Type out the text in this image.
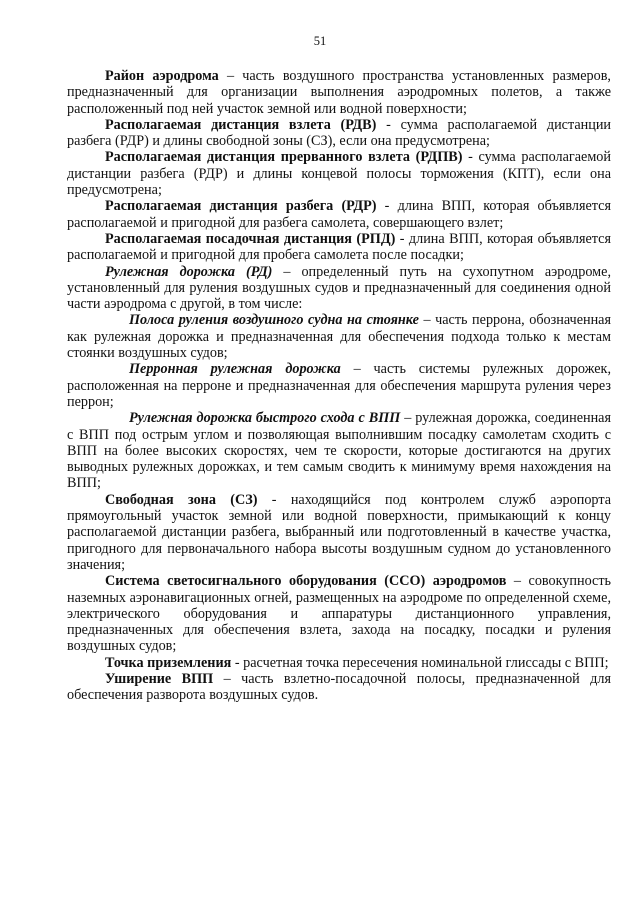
51

Район аэродрома – часть воздушного пространства установленных размеров, предназначенный для организации выполнения аэродромных полетов, а также расположенный под ней участок земной или водной поверхности;

Располагаемая дистанция взлета (РДВ) - сумма располагаемой дистанции разбега (РДР) и длины свободной зоны (СЗ), если она предусмотрена;

Располагаемая дистанция прерванного взлета (РДПВ) - сумма располагаемой дистанции разбега (РДР) и длины концевой полосы торможения (КПТ), если она предусмотрена;

Располагаемая дистанция разбега (РДР) - длина ВПП, которая объявляется располагаемой и пригодной для разбега самолета, совершающего взлет;

Располагаемая посадочная дистанция (РПД) - длина ВПП, которая объявляется располагаемой и пригодной для пробега самолета после посадки;

Рулежная дорожка (РД) – определенный путь на сухопутном аэродроме, установленный для руления воздушных судов и предназначенный для соединения одной части аэродрома с другой, в том числе:

Полоса руления воздушного судна на стоянке – часть перрона, обозначенная как рулежная дорожка и предназначенная для обеспечения подхода только к местам стоянки воздушных судов;

Перронная рулежная дорожка – часть системы рулежных дорожек, расположенная на перроне и предназначенная для обеспечения маршрута руления через перрон;

Рулежная дорожка быстрого схода с ВПП – рулежная дорожка, соединенная с ВПП под острым углом и позволяющая выполнившим посадку самолетам сходить с ВПП на более высоких скоростях, чем те скорости, которые достигаются на других выводных рулежных дорожках, и тем самым сводить к минимуму время нахождения на ВПП;

Свободная зона (СЗ) - находящийся под контролем служб аэропорта прямоугольный участок земной или водной поверхности, примыкающий к концу располагаемой дистанции разбега, выбранный или подготовленный в качестве участка, пригодного для первоначального набора высоты воздушным судном до установленного значения;

Система светосигнального оборудования (ССО) аэродромов – совокупность наземных аэронавигационных огней, размещенных на аэродроме по определенной схеме, электрического оборудования и аппаратуры дистанционного управления, предназначенных для обеспечения взлета, захода на посадку, посадки и руления воздушных судов;

Точка приземления - расчетная точка пересечения номинальной глиссады с ВПП;

Уширение ВПП – часть взлетно-посадочной полосы, предназначенной для обеспечения разворота воздушных судов.
